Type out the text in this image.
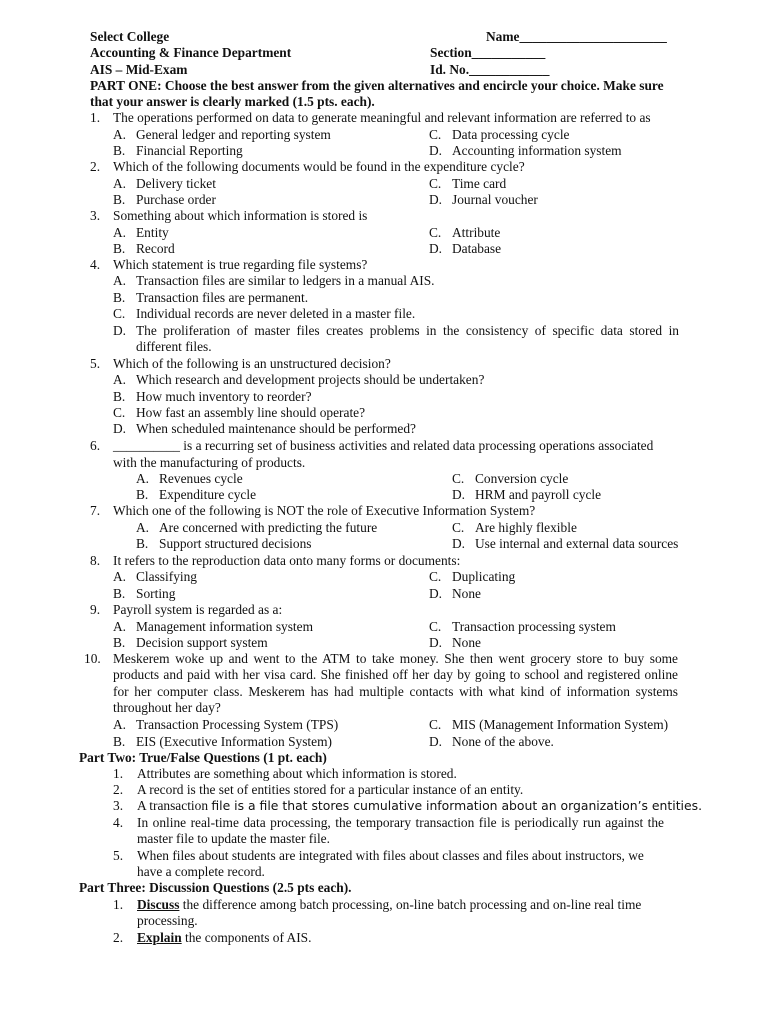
Select College
Accounting & Finance Department
AIS – Mid-Exam
Name______________________
Section___________
Id. No.____________
PART ONE: Choose the best answer from the given alternatives and encircle your choice. Make sure
that your answer is clearly marked (1.5 pts. each).
1. The operations performed on data to generate meaningful and relevant information are referred to as
A. General ledger and reporting system	C. Data processing cycle
B. Financial Reporting	D. Accounting information system
2. Which of the following documents would be found in the expenditure cycle?
A. Delivery ticket	C. Time card
B. Purchase order	D. Journal voucher
3. Something about which information is stored is
A. Entity	C. Attribute
B. Record	D. Database
4. Which statement is true regarding file systems?
A. Transaction files are similar to ledgers in a manual AIS.
B. Transaction files are permanent.
C. Individual records are never deleted in a master file.
D. The proliferation of master files creates problems in the consistency of specific data stored in different files.
5. Which of the following is an unstructured decision?
A. Which research and development projects should be undertaken?
B. How much inventory to reorder?
C. How fast an assembly line should operate?
D. When scheduled maintenance should be performed?
6. __________ is a recurring set of business activities and related data processing operations associated
with the manufacturing of products.
A. Revenues cycle	C. Conversion cycle
B. Expenditure cycle	D. HRM and payroll cycle
7. Which one of the following is NOT the role of Executive Information System?
A. Are concerned with predicting the future	C. Are highly flexible
B. Support structured decisions	D. Use internal and external data sources
8. It refers to the reproduction data onto many forms or documents:
A. Classifying	C. Duplicating
B. Sorting	D. None
9. Payroll system is regarded as a:
A. Management information system	C. Transaction processing system
B. Decision support system	D. None
10. Meskerem woke up and went to the ATM to take money. She then went grocery store to buy some products and paid with her visa card. She finished off her day by going to school and registered online for her computer class. Meskerem has had multiple contacts with what kind of information systems throughout her day?
A. Transaction Processing System (TPS)	C. MIS (Management Information System)
B. EIS (Executive Information System)	D. None of the above.
Part Two: True/False Questions (1 pt. each)
1. Attributes are something about which information is stored.
2. A record is the set of entities stored for a particular instance of an entity.
3. A transaction file is a file that stores cumulative information about an organization’s entities.
4. In online real-time data processing, the temporary transaction file is periodically run against the master file to update the master file.
5. When files about students are integrated with files about classes and files about instructors, we have a complete record.
Part Three: Discussion Questions (2.5 pts each).
1. Discuss the difference among batch processing, on-line batch processing and on-line real time processing.
2. Explain the components of AIS.
